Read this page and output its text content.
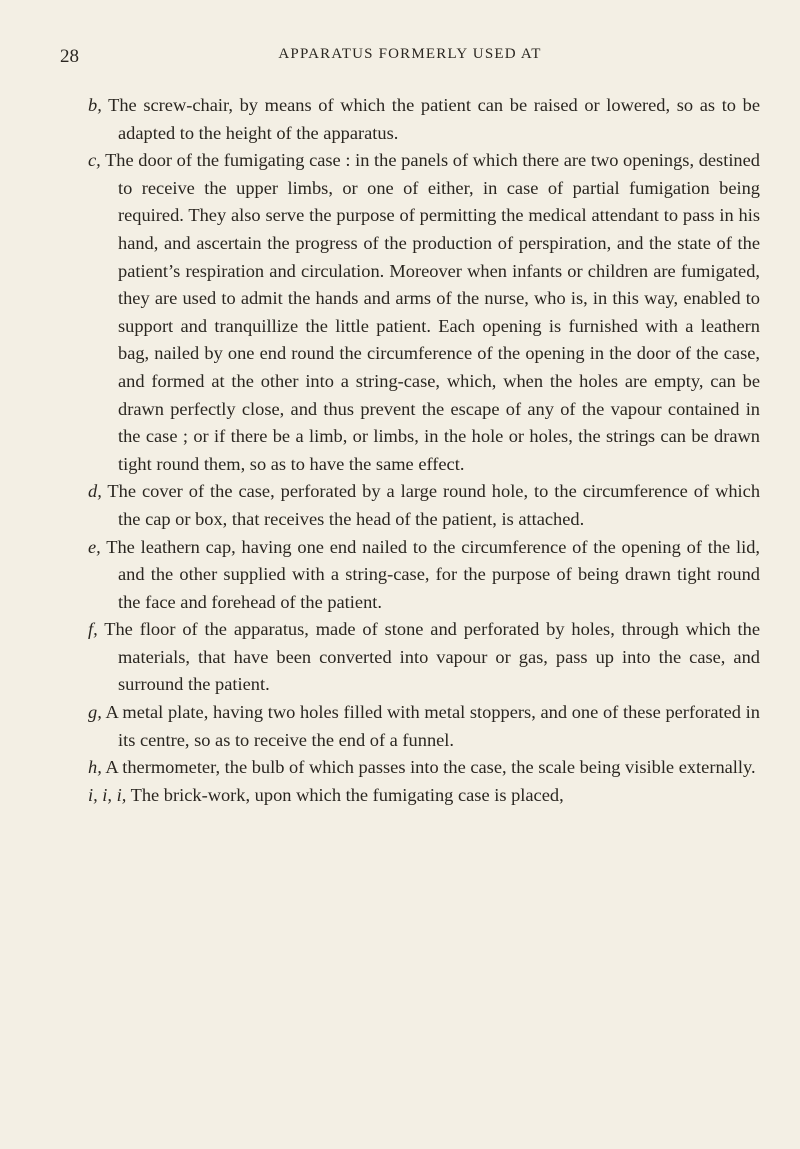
28	APPARATUS FORMERLY USED AT

b, The screw-chair, by means of which the patient can be raised or lowered, so as to be adapted to the height of the apparatus.

c, The door of the fumigating case : in the panels of which there are two openings, destined to receive the upper limbs, or one of either, in case of partial fumigation being required. They also serve the purpose of permitting the medical attendant to pass in his hand, and ascertain the progress of the production of perspiration, and the state of the patient’s respiration and circulation. Moreover when infants or children are fumigated, they are used to admit the hands and arms of the nurse, who is, in this way, enabled to support and tranquillize the little patient. Each opening is furnished with a leathern bag, nailed by one end round the circumference of the opening in the door of the case, and formed at the other into a string-case, which, when the holes are empty, can be drawn perfectly close, and thus prevent the escape of any of the vapour contained in the case ; or if there be a limb, or limbs, in the hole or holes, the strings can be drawn tight round them, so as to have the same effect.

d, The cover of the case, perforated by a large round hole, to the circumference of which the cap or box, that receives the head of the patient, is attached.

e, The leathern cap, having one end nailed to the circumference of the opening of the lid, and the other supplied with a string-case, for the purpose of being drawn tight round the face and forehead of the patient.

f, The floor of the apparatus, made of stone and perforated by holes, through which the materials, that have been converted into vapour or gas, pass up into the case, and surround the patient.

g, A metal plate, having two holes filled with metal stoppers, and one of these perforated in its centre, so as to receive the end of a funnel.

h, A thermometer, the bulb of which passes into the case, the scale being visible externally.

i, i, i, The brick-work, upon which the fumigating case is placed,
